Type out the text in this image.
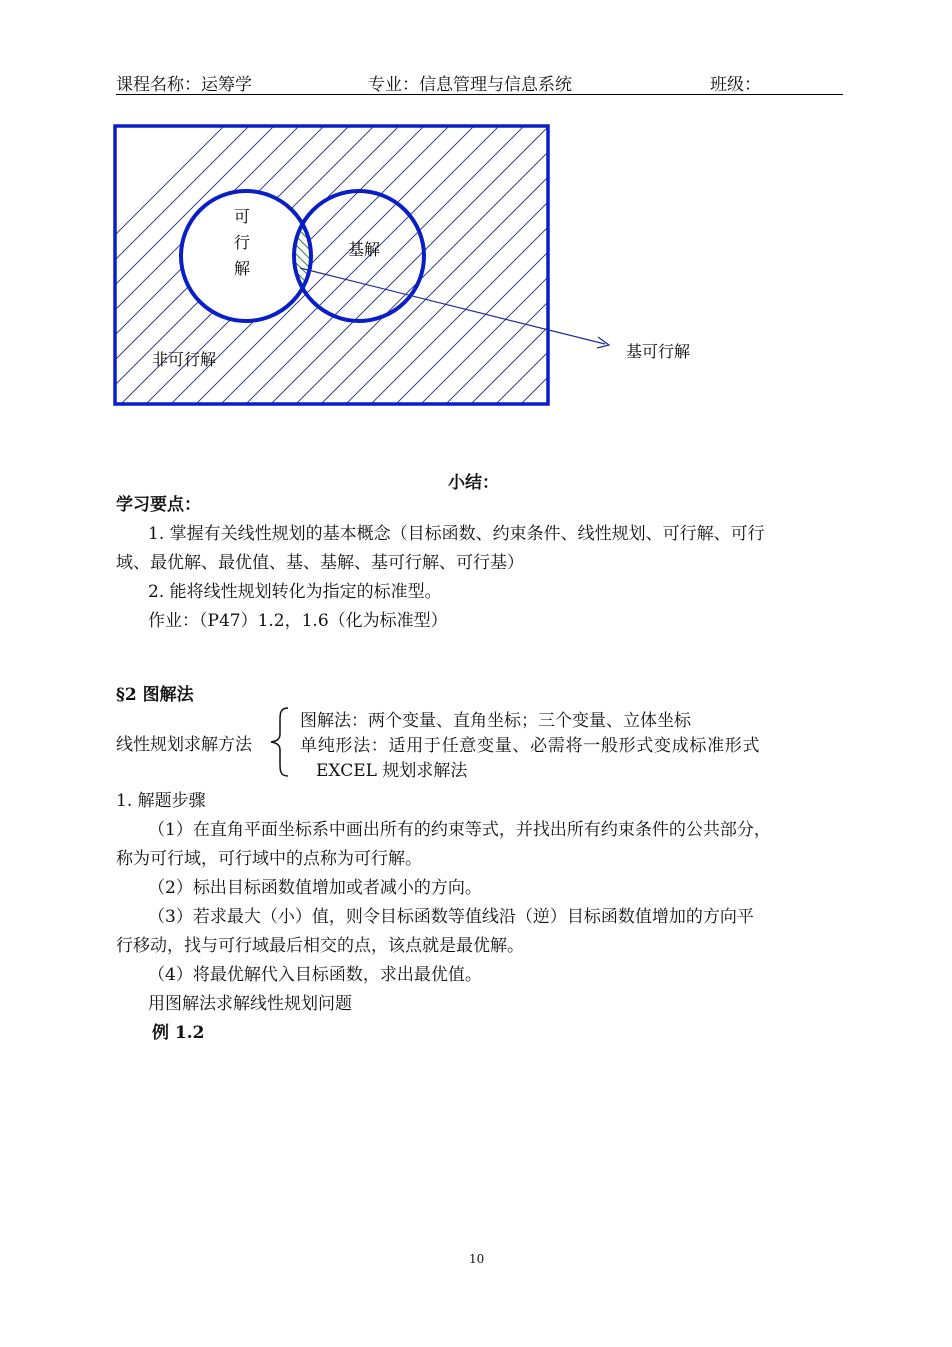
课程名称：运筹学	专业：信息管理与信息系统	班级：
可
行
解
基解
非可行解	基可行解
小结：
学习要点：
1. 掌握有关线性规划的基本概念（目标函数、约束条件、线性规划、可行解、可行
域、最优解、最优值、基、基解、基可行解、可行基）
2. 能将线性规划转化为指定的标准型。
作业：（P47）1.2，1.6（化为标准型）
§2 图解法
线性规划求解方法
图解法：两个变量、直角坐标；三个变量、立体坐标
单纯形法：适用于任意变量、必需将一般形式变成标准形式
EXCEL 规划求解法
1. 解题步骤
（1）在直角平面坐标系中画出所有的约束等式，并找出所有约束条件的公共部分，
称为可行域，可行域中的点称为可行解。
（2）标出目标函数值增加或者减小的方向。
（3）若求最大（小）值，则令目标函数等值线沿（逆）目标函数值增加的方向平
行移动，找与可行域最后相交的点，该点就是最优解。
（4）将最优解代入目标函数，求出最优值。
用图解法求解线性规划问题
例 1.2
10
